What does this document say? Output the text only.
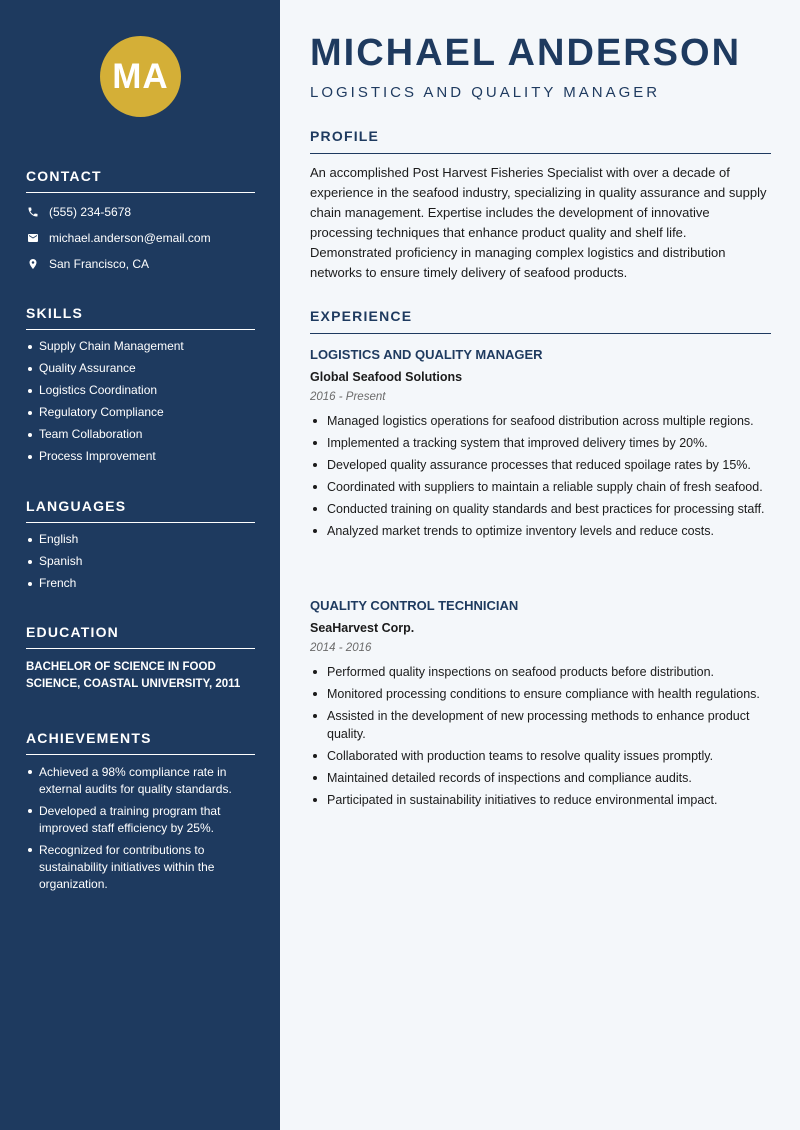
MA
CONTACT
(555) 234-5678
michael.anderson@email.com
San Francisco, CA
SKILLS
Supply Chain Management
Quality Assurance
Logistics Coordination
Regulatory Compliance
Team Collaboration
Process Improvement
LANGUAGES
English
Spanish
French
EDUCATION

BACHELOR OF SCIENCE IN FOOD SCIENCE, COASTAL UNIVERSITY, 2011

ACHIEVEMENTS
Achieved a 98% compliance rate in external audits for quality standards.
Developed a training program that improved staff efficiency by 25%.
Recognized for contributions to sustainability initiatives within the organization.
MICHAEL ANDERSON
LOGISTICS AND QUALITY MANAGER
PROFILE

An accomplished Post Harvest Fisheries Specialist with over a decade of experience in the seafood industry, specializing in quality assurance and supply chain management. Expertise includes the development of innovative processing techniques that enhance product quality and shelf life. Demonstrated proficiency in managing complex logistics and distribution networks to ensure timely delivery of seafood products.

EXPERIENCE
LOGISTICS AND QUALITY MANAGER
Global Seafood Solutions
2016 - Present
Managed logistics operations for seafood distribution across multiple regions.
Implemented a tracking system that improved delivery times by 20%.
Developed quality assurance processes that reduced spoilage rates by 15%.
Coordinated with suppliers to maintain a reliable supply chain of fresh seafood.
Conducted training on quality standards and best practices for processing staff.
Analyzed market trends to optimize inventory levels and reduce costs.
QUALITY CONTROL TECHNICIAN
SeaHarvest Corp.
2014 - 2016
Performed quality inspections on seafood products before distribution.
Monitored processing conditions to ensure compliance with health regulations.
Assisted in the development of new processing methods to enhance product quality.
Collaborated with production teams to resolve quality issues promptly.
Maintained detailed records of inspections and compliance audits.
Participated in sustainability initiatives to reduce environmental impact.
